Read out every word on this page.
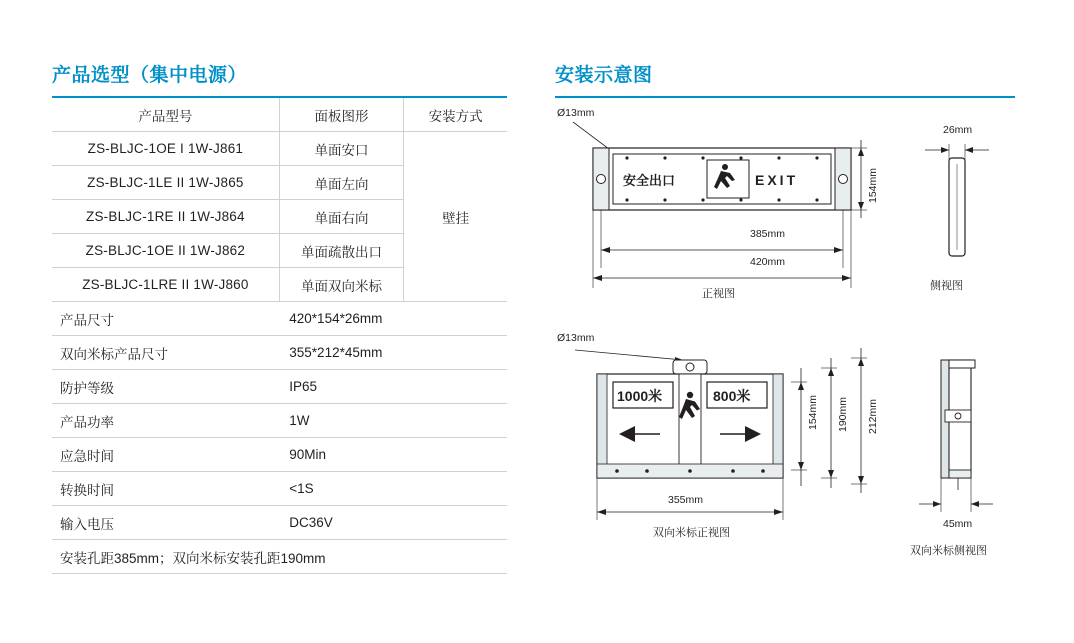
产品选型（集中电源）
产品型号	面板图形	安装方式
ZS-BLJC-1OE I 1W-J861	单面安口	壁挂
ZS-BLJC-1LE II 1W-J865	单面左向	
ZS-BLJC-1RE II 1W-J864	单面右向	
ZS-BLJC-1OE II 1W-J862	单面疏散出口	
ZS-BLJC-1LRE II 1W-J860	单面双向米标	
产品尺寸	420*154*26mm	
双向米标产品尺寸	355*212*45mm	
防护等级	IP65	
产品功率	1W	
应急时间	90Min	
转换时间	<1S	
输入电压	DC36V	
安装孔距385mm；双向米标安装孔距190mm		
安装示意图
安全出口	EXIT
Ø13mm
385mm
420mm
154mm
正视图
26mm
侧视图
1000米	800米
Ø13mm
154mm 190mm 212mm
355mm
双向米标正视图
45mm
双向米标侧视图
